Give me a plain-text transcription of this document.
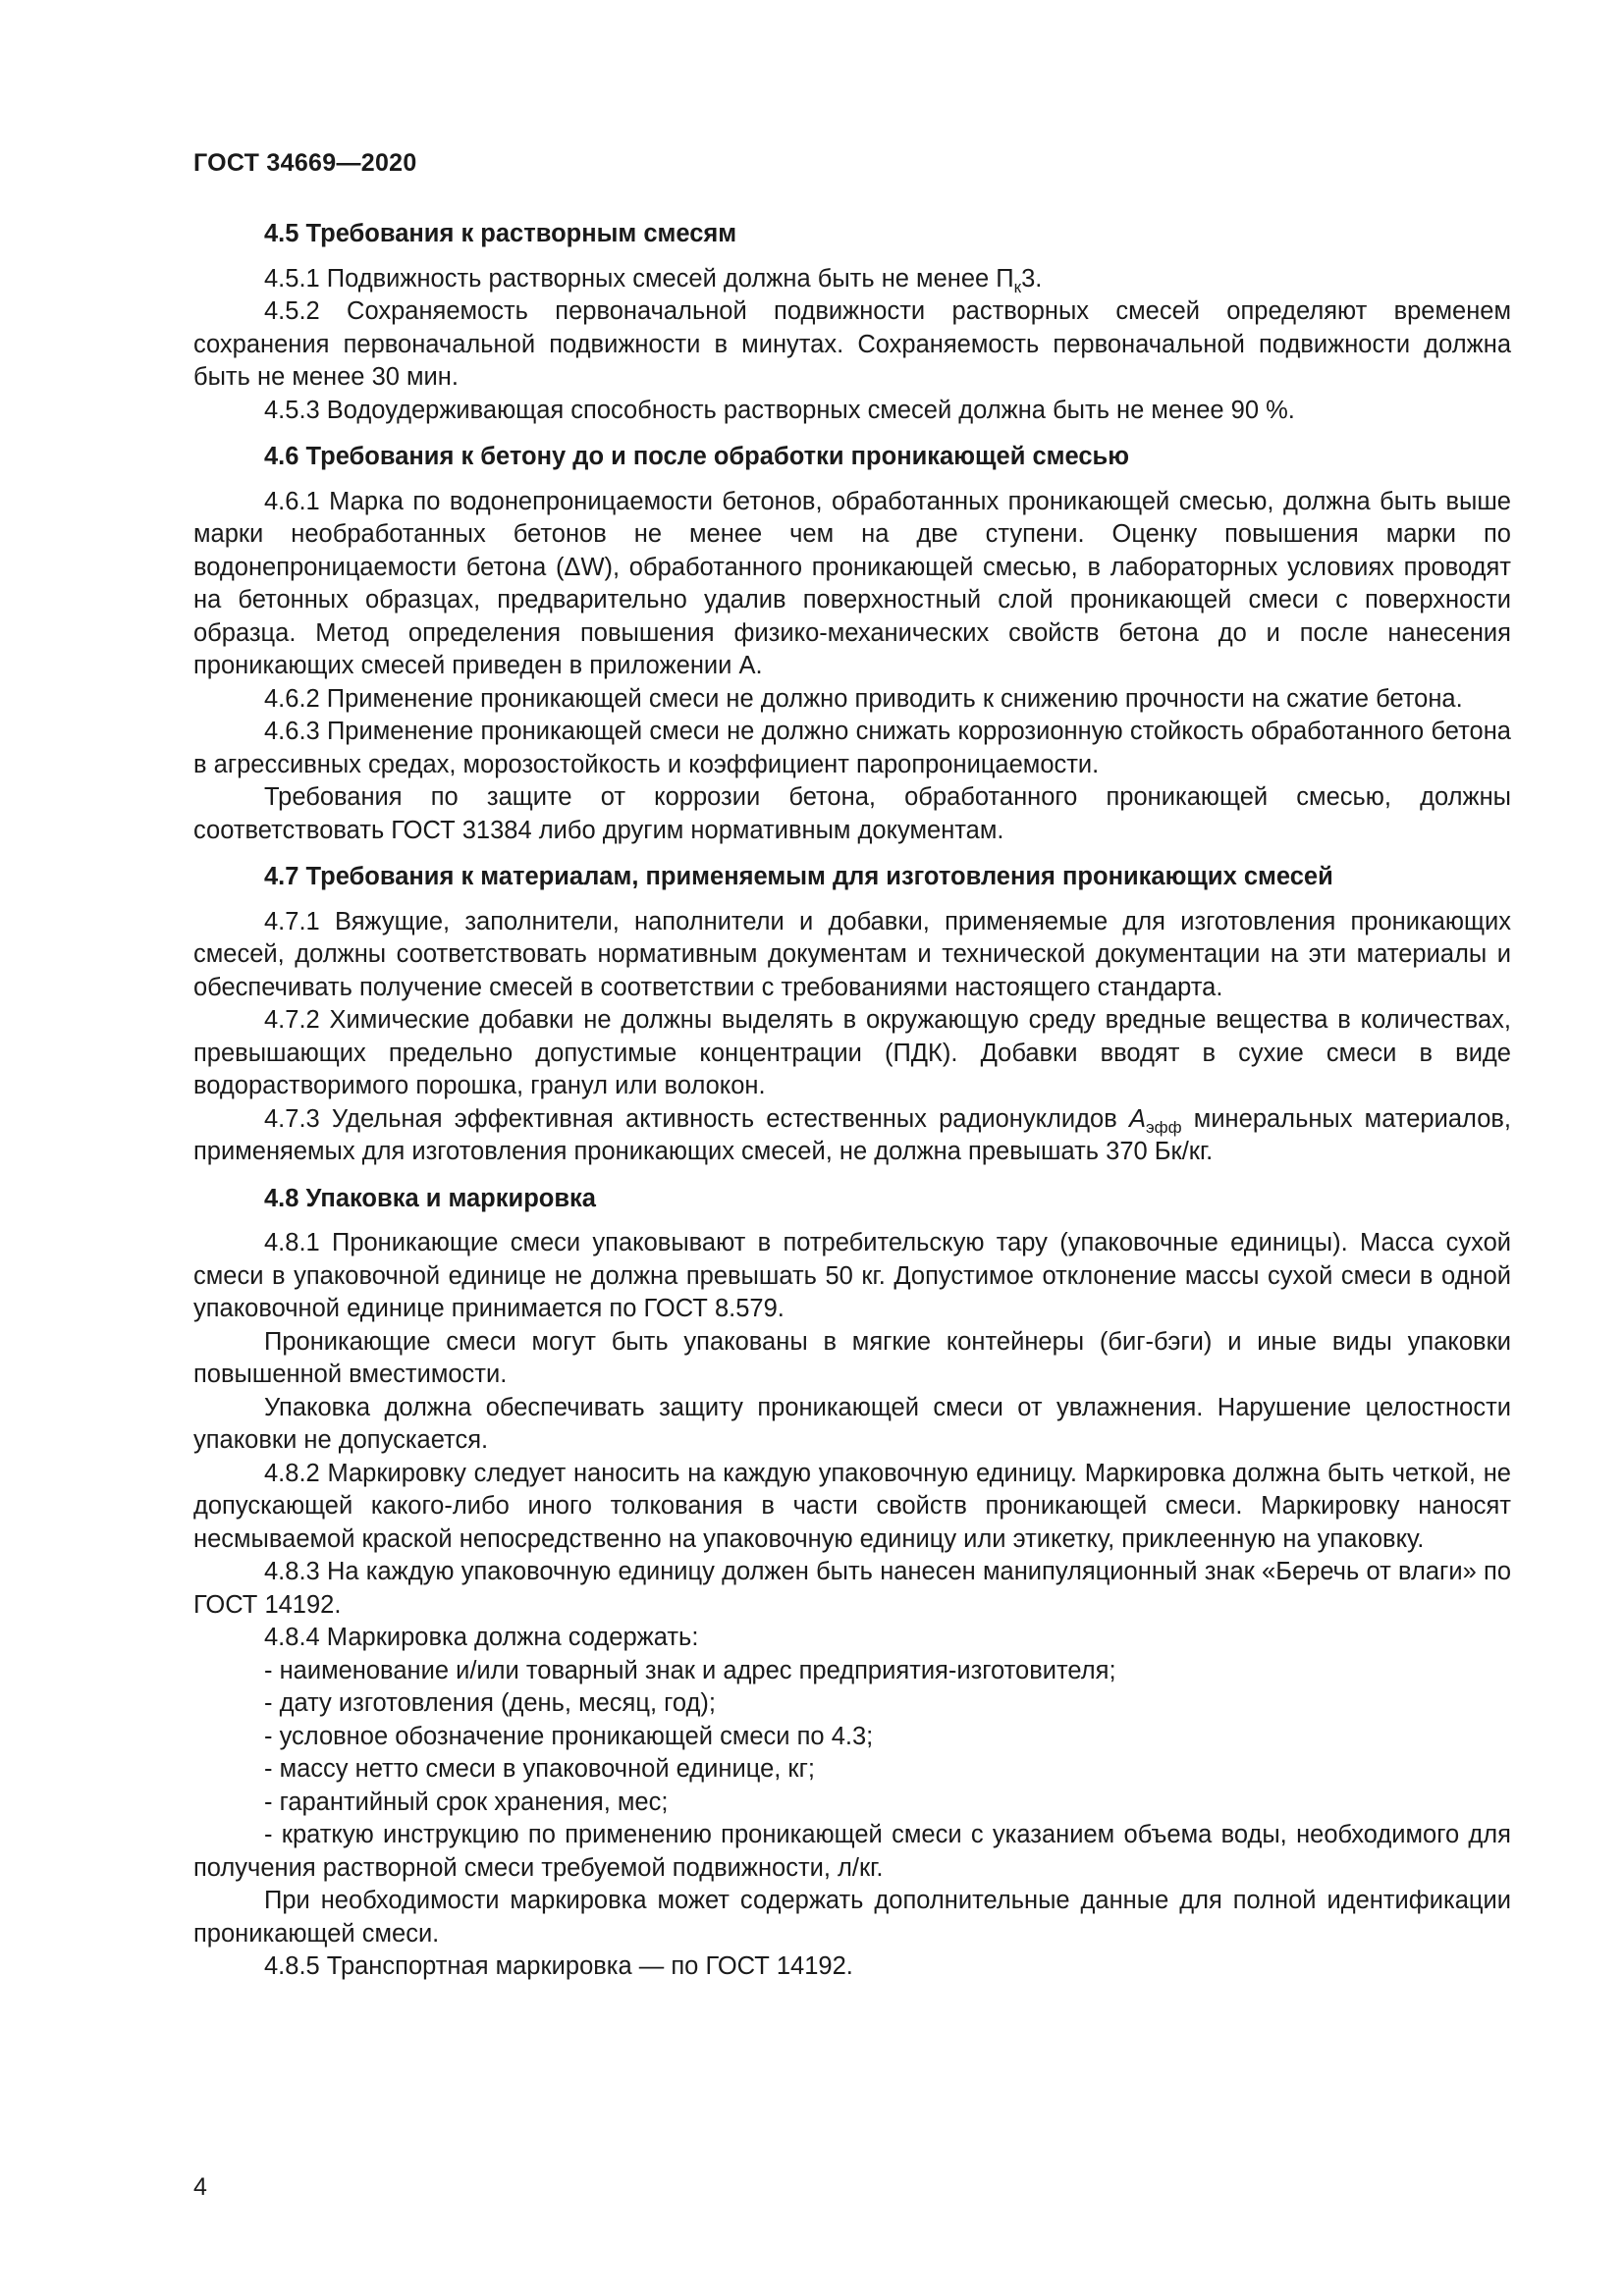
ГОСТ 34669—2020

4.5 Требования к растворным смесям

4.5.1 Подвижность растворных смесей должна быть не менее $П_к3$.

4.5.2 Сохраняемость первоначальной подвижности растворных смесей определяют временем сохранения первоначальной подвижности в минутах. Сохраняемость первоначальной подвижности должна быть не менее 30 мин.

4.5.3 Водоудерживающая способность растворных смесей должна быть не менее 90 %.

4.6 Требования к бетону до и после обработки проникающей смесью

4.6.1 Марка по водонепроницаемости бетонов, обработанных проникающей смесью, должна быть выше марки необработанных бетонов не менее чем на две ступени. Оценку повышения марки по водонепроницаемости бетона (ΔW), обработанного проникающей смесью, в лабораторных условиях проводят на бетонных образцах, предварительно удалив поверхностный слой проникающей смеси с поверхности образца. Метод определения повышения физико-механических свойств бетона до и после нанесения проникающих смесей приведен в приложении А.

4.6.2 Применение проникающей смеси не должно приводить к снижению прочности на сжатие бетона.

4.6.3 Применение проникающей смеси не должно снижать коррозионную стойкость обработанного бетона в агрессивных средах, морозостойкость и коэффициент паропроницаемости.

Требования по защите от коррозии бетона, обработанного проникающей смесью, должны соответствовать ГОСТ 31384 либо другим нормативным документам.

4.7 Требования к материалам, применяемым для изготовления проникающих смесей

4.7.1 Вяжущие, заполнители, наполнители и добавки, применяемые для изготовления проникающих смесей, должны соответствовать нормативным документам и технической документации на эти материалы и обеспечивать получение смесей в соответствии с требованиями настоящего стандарта.

4.7.2 Химические добавки не должны выделять в окружающую среду вредные вещества в количествах, превышающих предельно допустимые концентрации (ПДК). Добавки вводят в сухие смеси в виде водорастворимого порошка, гранул или волокон.

4.7.3 Удельная эффективная активность естественных радионуклидов $А_{эфф}$ минеральных материалов, применяемых для изготовления проникающих смесей, не должна превышать 370 Бк/кг.

4.8 Упаковка и маркировка

4.8.1 Проникающие смеси упаковывают в потребительскую тару (упаковочные единицы). Масса сухой смеси в упаковочной единице не должна превышать 50 кг. Допустимое отклонение массы сухой смеси в одной упаковочной единице принимается по ГОСТ 8.579.

Проникающие смеси могут быть упакованы в мягкие контейнеры (биг-бэги) и иные виды упаковки повышенной вместимости.

Упаковка должна обеспечивать защиту проникающей смеси от увлажнения. Нарушение целостности упаковки не допускается.

4.8.2 Маркировку следует наносить на каждую упаковочную единицу. Маркировка должна быть четкой, не допускающей какого-либо иного толкования в части свойств проникающей смеси. Маркировку наносят несмываемой краской непосредственно на упаковочную единицу или этикетку, приклеенную на упаковку.

4.8.3 На каждую упаковочную единицу должен быть нанесен манипуляционный знак «Беречь от влаги» по ГОСТ 14192.

4.8.4 Маркировка должна содержать:

- наименование и/или товарный знак и адрес предприятия-изготовителя;

- дату изготовления (день, месяц, год);

- условное обозначение проникающей смеси по 4.3;

- массу нетто смеси в упаковочной единице, кг;

- гарантийный срок хранения, мес;

- краткую инструкцию по применению проникающей смеси с указанием объема воды, необходимого для получения растворной смеси требуемой подвижности, л/кг.

При необходимости маркировка может содержать дополнительные данные для полной идентификации проникающей смеси.

4.8.5 Транспортная маркировка — по ГОСТ 14192.

4
